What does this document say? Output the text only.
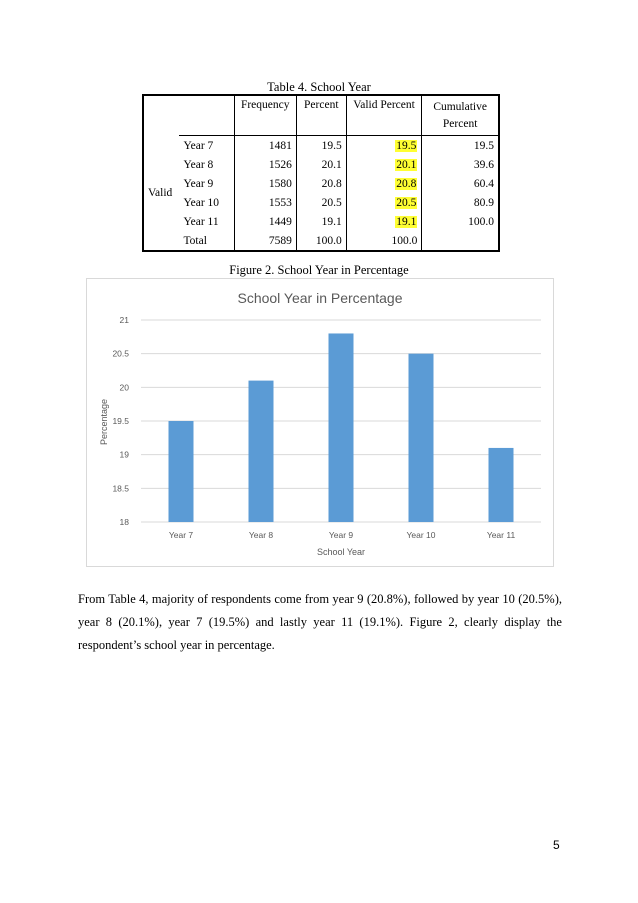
Table 4. School Year
		Frequency	Percent	Valid Percent	Cumulative Percent
Valid	Year 7	1481	19.5	19.5	19.5
	Year 8	1526	20.1	20.1	39.6
	Year 9	1580	20.8	20.8	60.4
	Year 10	1553	20.5	20.5	80.9
	Year 11	1449	19.1	19.1	100.0
	Total	7589	100.0	100.0	
Figure 2. School Year in Percentage
School Year in Percentage
18
18.5
19
19.5
20
20.5
21
Year 7	Year 8	Year 9	Year 10	Year 11
School Year
Percentage
From Table 4, majority of respondents come from year 9 (20.8%), followed by year 10 (20.5%), year 8 (20.1%), year 7 (19.5%) and lastly year 11 (19.1%). Figure 2, clearly display the respondent’s school year in percentage.
5
